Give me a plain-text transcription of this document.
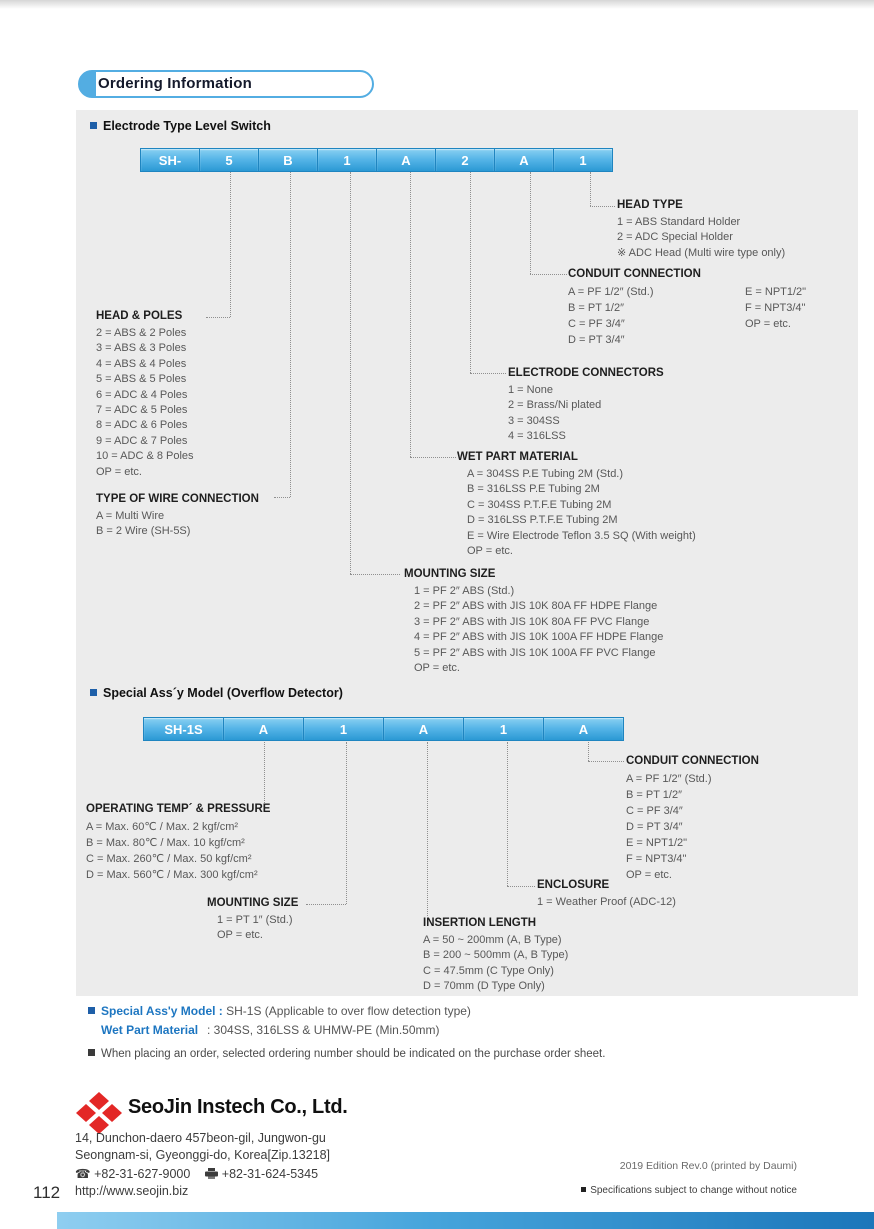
Ordering Information
Electrode Type Level Switch
SH-	5	B	1	A	2	A	1
HEAD TYPE
1 = ABS Standard Holder
2 = ADC Special Holder
※ ADC Head (Multi wire type only)
CONDUIT CONNECTION
A = PF 1/2″ (Std.)
B = PT 1/2″
C = PF 3/4″
D = PT 3/4″
E = NPT1/2"
F = NPT3/4"
OP = etc.
ELECTRODE CONNECTORS
1 = None
2 = Brass/Ni plated
3 = 304SS
4 = 316LSS
WET PART MATERIAL
A = 304SS P.E Tubing 2M (Std.)
B = 316LSS P.E Tubing 2M
C = 304SS P.T.F.E Tubing 2M
D = 316LSS P.T.F.E Tubing 2M
E = Wire Electrode Teflon 3.5 SQ (With weight)
OP = etc.
MOUNTING SIZE
1 = PF 2″ ABS (Std.)
2 = PF 2″ ABS with JIS 10K 80A FF HDPE Flange
3 = PF 2″ ABS with JIS 10K 80A FF PVC Flange
4 = PF 2″ ABS with JIS 10K 100A FF HDPE Flange
5 = PF 2″ ABS with JIS 10K 100A FF PVC Flange
OP = etc.
HEAD & POLES
2 = ABS & 2 Poles
3 = ABS & 3 Poles
4 = ABS & 4 Poles
5 = ABS & 5 Poles
6 = ADC & 4 Poles
7 = ADC & 5 Poles
8 = ADC & 6 Poles
9 = ADC & 7 Poles
10 = ADC & 8 Poles
OP = etc.
TYPE OF WIRE CONNECTION
A = Multi Wire
B = 2 Wire (SH-5S)
Special Ass´y Model (Overflow Detector)
SH-1S	A	1	A	1	A
CONDUIT CONNECTION
A = PF 1/2″ (Std.)
B = PT 1/2″
C = PF 3/4″
D = PT 3/4″
E = NPT1/2"
F = NPT3/4"
OP = etc.
ENCLOSURE
1 = Weather Proof (ADC-12)
INSERTION LENGTH
A = 50 ~ 200mm (A, B Type)
B = 200 ~ 500mm (A, B Type)
C = 47.5mm (C Type Only)
D = 70mm (D Type Only)
OPERATING TEMP´ & PRESSURE
A = Max. 60℃ / Max. 2 kgf/cm²
B = Max. 80℃ / Max. 10 kgf/cm²
C = Max. 260℃ / Max. 50 kgf/cm²
D = Max. 560℃ / Max. 300 kgf/cm²
MOUNTING SIZE
1 = PT 1″ (Std.)
OP = etc.
Special Ass'y Model : SH-1S (Applicable to over flow detection type)
Wet Part Material : 304SS, 316LSS & UHMW-PE (Min.50mm)
When placing an order, selected ordering number should be indicated on the purchase order sheet.
SeoJin Instech Co., Ltd.
14, Dunchon-daero 457beon-gil, Jungwon-gu
Seongnam-si, Gyeonggi-do, Korea[Zip.13218]
☎ +82-31-627-9000	+82-31-624-5345
http://www.seojin.biz
112
2019 Edition Rev.0 (printed by Daumi)
Specifications subject to change without notice
